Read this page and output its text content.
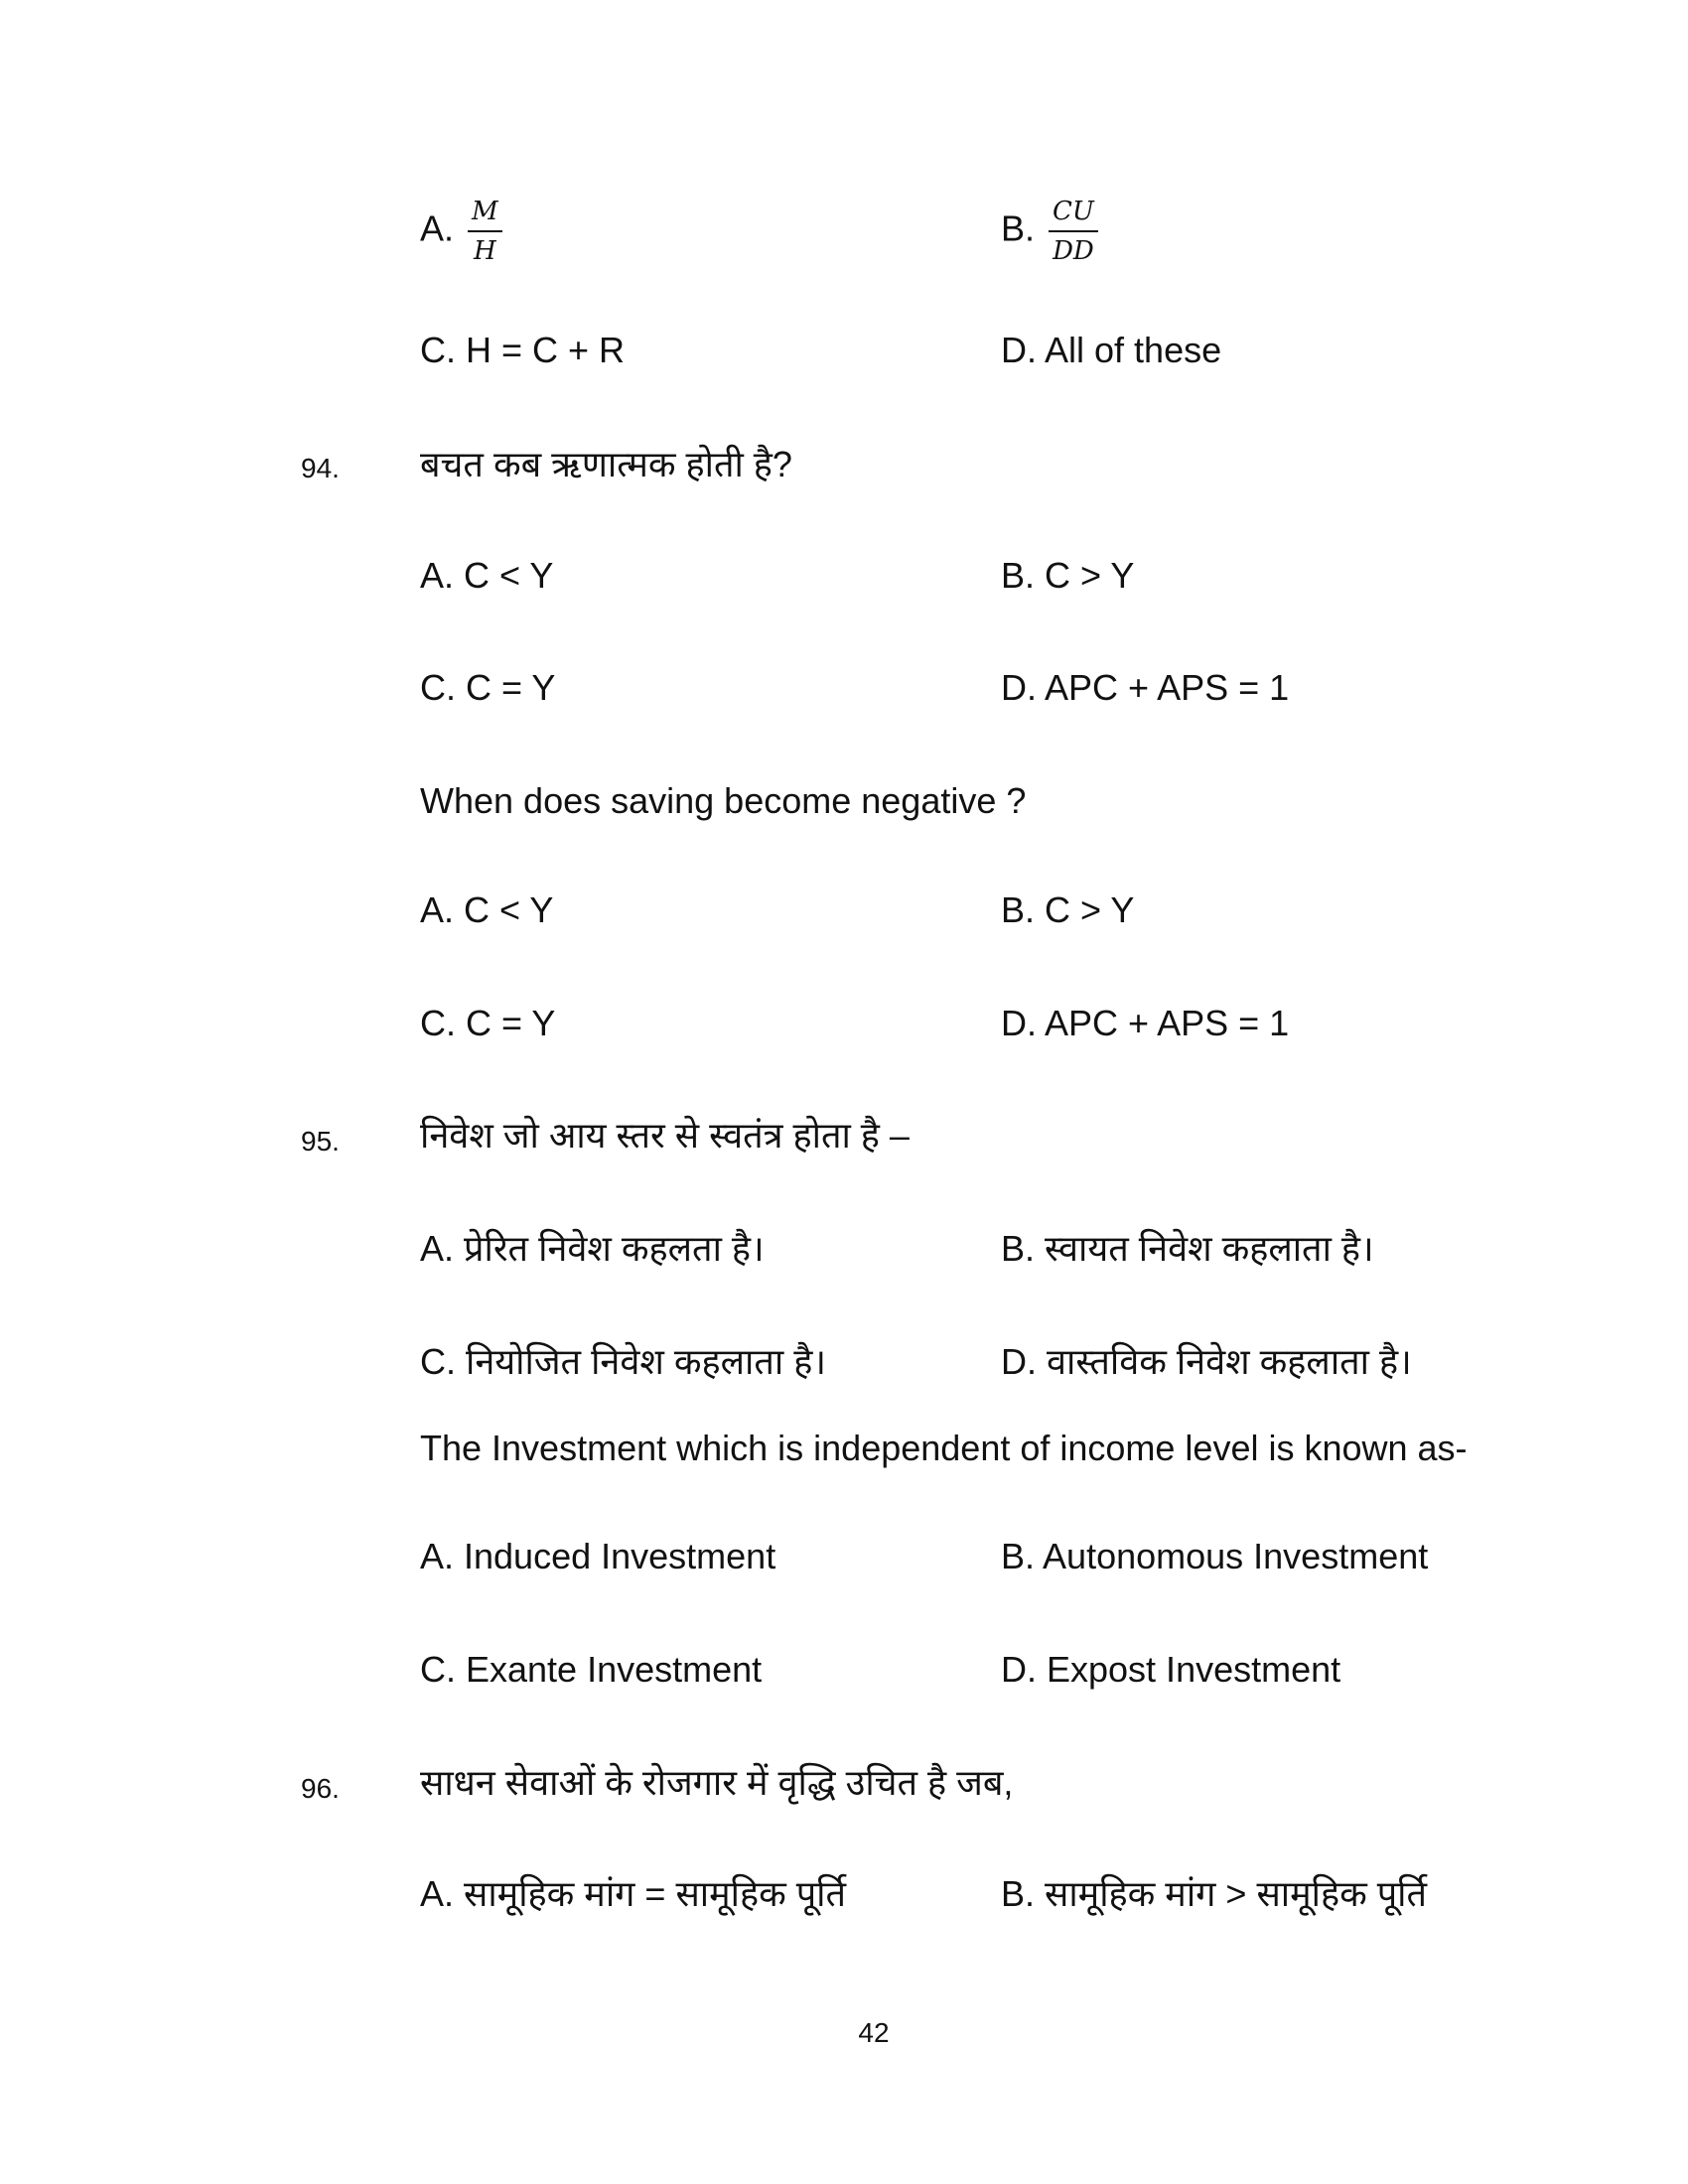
A. $\frac{M}{H}$	B. $\frac{CU}{DD}$
C. H = C + R	D. All of these
94. बचत कब ऋणात्मक होती है?
A. C < Y	B. C > Y
C. C = Y	D. APC + APS = 1
When does saving become negative ?
A. C < Y	B. C > Y
C. C = Y	D. APC + APS = 1
95. निवेश जो आय स्तर से स्वतंत्र होता है –
A. प्रेरित निवेश कहलता है।	B. स्वायत निवेश कहलाता है।
C. नियोजित निवेश कहलाता है।	D. वास्तविक निवेश कहलाता है।
The Investment which is independent of income level is known as-
A. Induced Investment	B. Autonomous Investment
C. Exante Investment	D. Expost Investment
96. साधन सेवाओं के रोजगार में वृद्धि उचित है जब,
A. सामूहिक मांग = सामूहिक पूर्ति	B. सामूहिक मांग > सामूहिक पूर्ति
42
